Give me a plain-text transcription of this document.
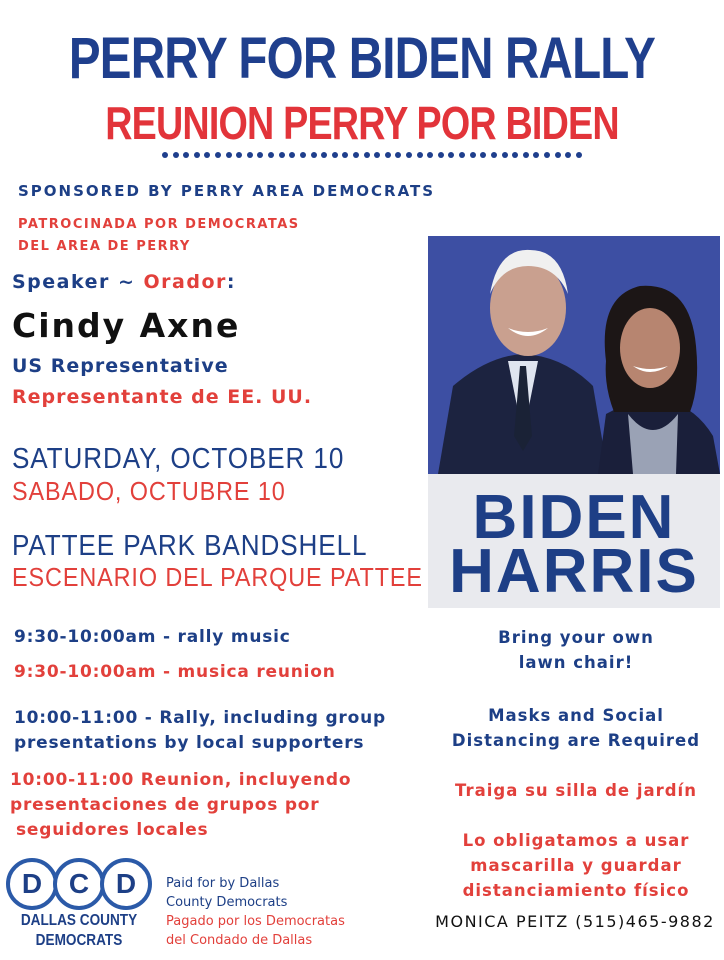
PERRY FOR BIDEN RALLY
REUNION PERRY POR BIDEN
SPONSORED BY PERRY AREA DEMOCRATS
PATROCINADA POR DEMOCRATAS
DEL AREA DE PERRY
Speaker ~ Orador:
Cindy Axne
US Representative
Representante de EE. UU.
SATURDAY, OCTOBER 10
SABADO, OCTUBRE 10
PATTEE PARK BANDSHELL
ESCENARIO DEL PARQUE PATTEE
9:30-10:00am - rally music
9:30-10:00am - musica reunion
10:00-11:00 - Rally, including group
presentations by local supporters
10:00-11:00 Reunion, incluyendo
presentaciones de grupos por
seguidores locales
BIDEN
HARRIS
Bring your own
lawn chair!
Masks and Social
Distancing are Required
Traiga su silla de jardín
Lo obligatamos a usar
mascarilla y guardar
distanciamiento físico
MONICA PEITZ (515)465-9882
D C D
DALLAS COUNTY
DEMOCRATS
Paid for by Dallas
County Democrats
Pagado por los Democratas
del Condado de Dallas
